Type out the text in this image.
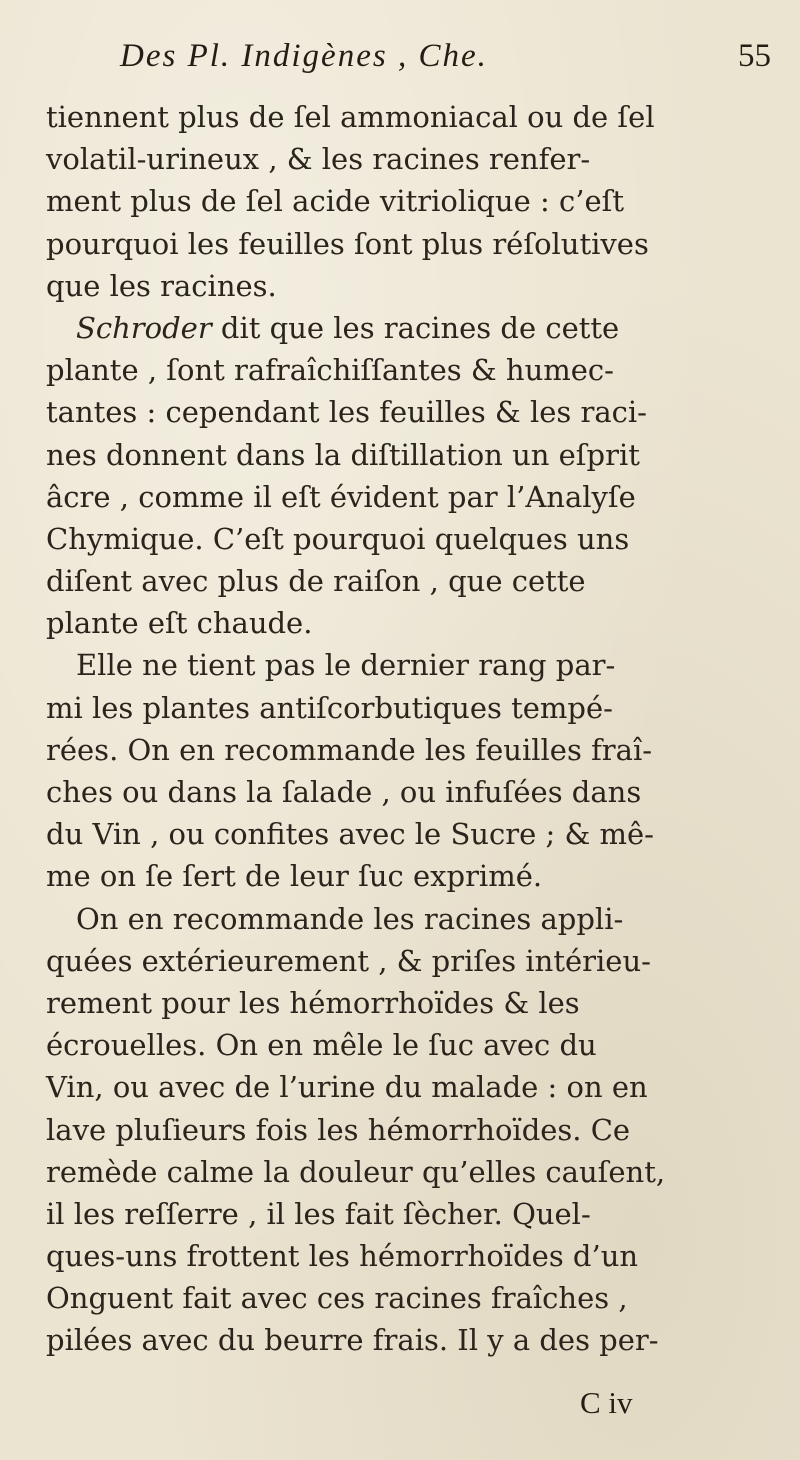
Des Pl. Indigènes , Che.	55
tiennent plus de ſel ammoniacal ou de ſel
volatil-urineux , & les racines renfer-
ment plus de ſel acide vitriolique : c’eſt
pourquoi les feuilles ſont plus réſolutives
que les racines.
Schroder dit que les racines de cette
plante , ſont rafraîchiſſantes & humec-
tantes : cependant les feuilles & les raci-
nes donnent dans la diſtillation un eſprit
âcre , comme il eſt évident par l’Analyſe
Chymique. C’eſt pourquoi quelques uns
diſent avec plus de raiſon , que cette
plante eſt chaude.
Elle ne tient pas le dernier rang par-
mi les plantes antiſcorbutiques tempé-
rées. On en recommande les feuilles fraî-
ches ou dans la ſalade , ou infuſées dans
du Vin , ou confites avec le Sucre ; & mê-
me on ſe ſert de leur ſuc exprimé.
On en recommande les racines appli-
quées extérieurement , & priſes intérieu-
rement pour les hémorrhoïdes & les
écrouelles. On en mêle le ſuc avec du
Vin, ou avec de l’urine du malade : on en
lave pluſieurs fois les hémorrhoïdes. Ce
remède calme la douleur qu’elles cauſent,
il les reſſerre , il les fait ſècher. Quel-
ques-uns frottent les hémorrhoïdes d’un
Onguent fait avec ces racines fraîches ,
pilées avec du beurre frais. Il y a des per-
C iv
